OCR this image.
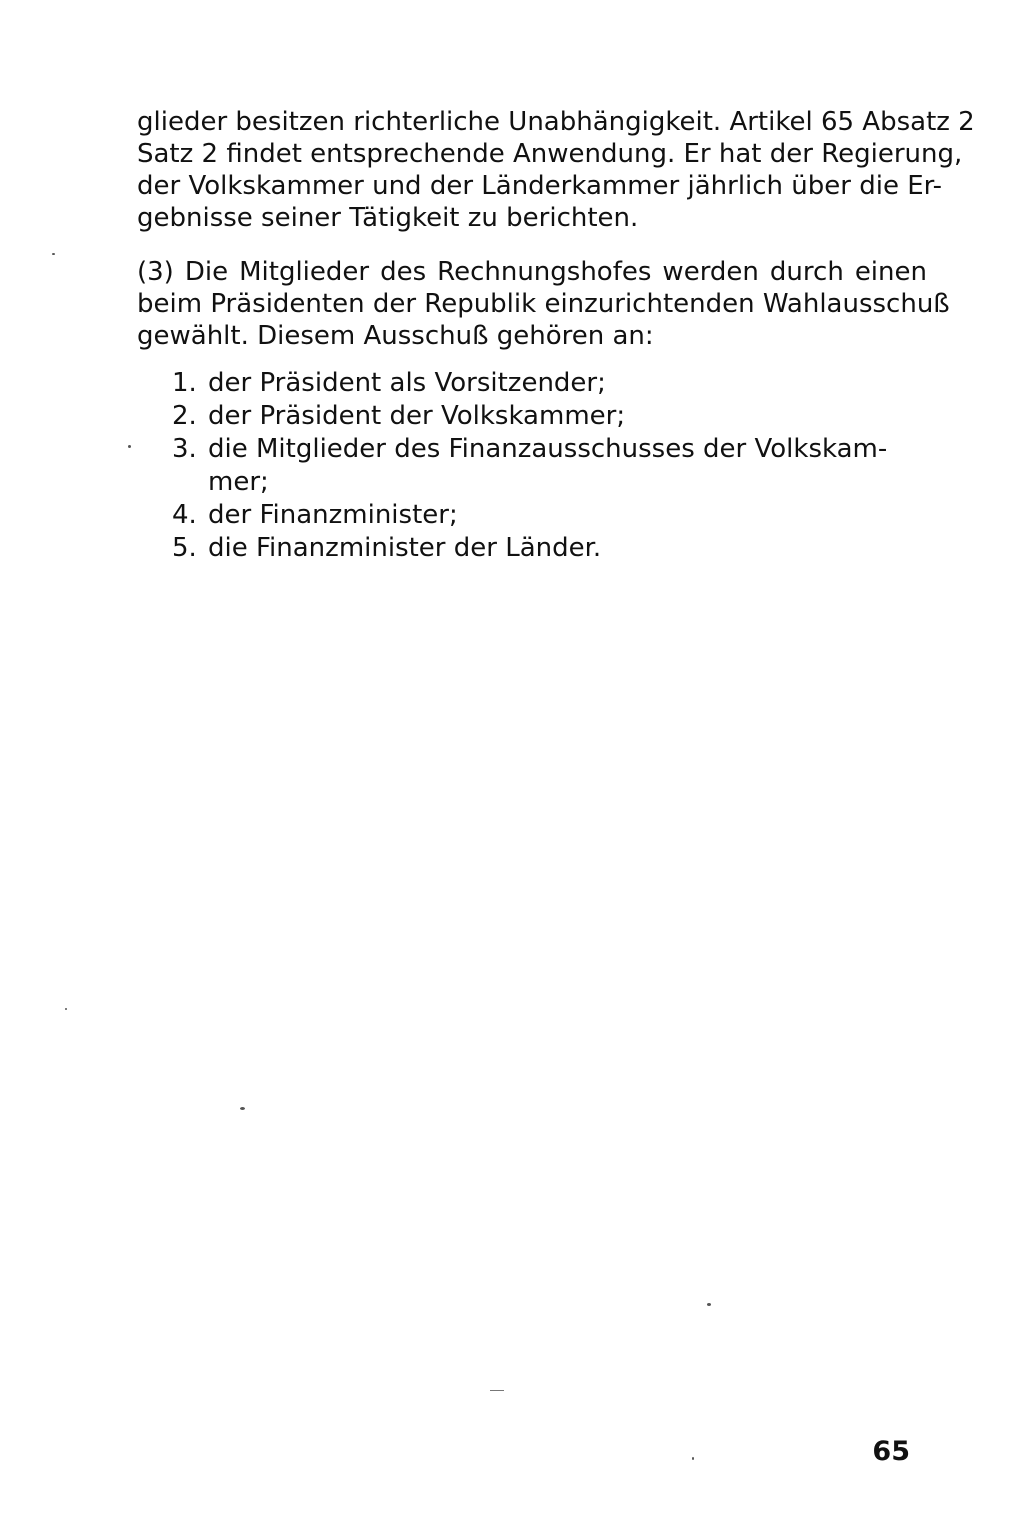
glieder besitzen richterliche Unabhängigkeit. Artikel 65 Absatz 2
Satz 2 findet entsprechende Anwendung. Er hat der Regierung,
der Volkskammer und der Länderkammer jährlich über die Er-
gebnisse seiner Tätigkeit zu berichten.
(3) Die Mitglieder des Rechnungshofes werden durch einen
beim Präsidenten der Republik einzurichtenden Wahlausschuß
gewählt. Diesem Ausschuß gehören an:
1. der Präsident als Vorsitzender;
2. der Präsident der Volkskammer;
3. die Mitglieder des Finanzausschusses der Volkskam-
mer;
4. der Finanzminister;
5. die Finanzminister der Länder.
65
